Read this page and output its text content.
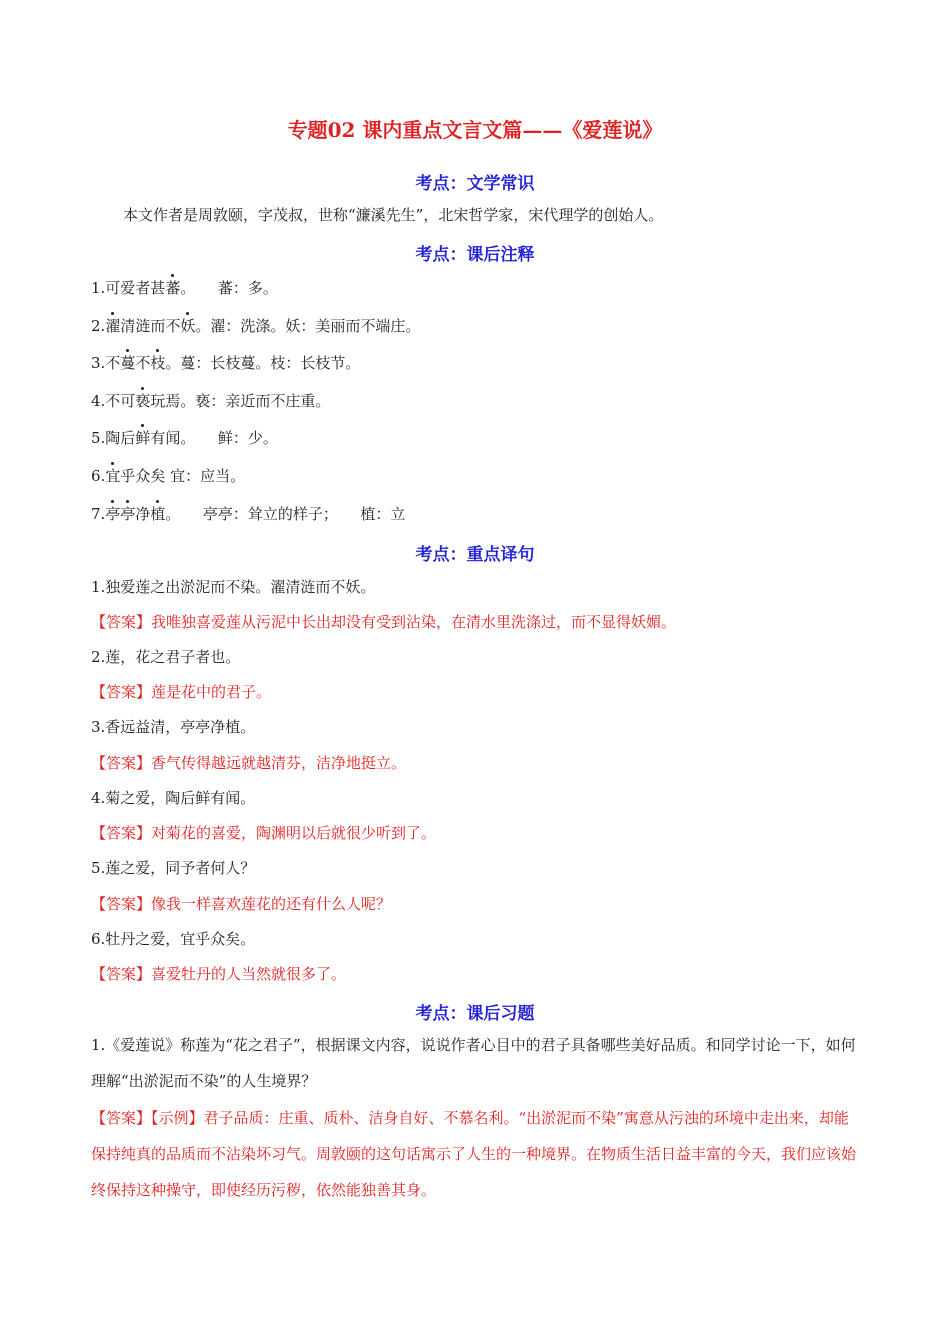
专题02 课内重点文言文篇——《爱莲说》
考点：文学常识
本文作者是周敦颐，字茂叔，世称“濂溪先生”，北宋哲学家，宋代理学的创始人。
考点：课后注释
1.可爱者甚蕃。　　蕃：多。
2.濯清涟而不妖。濯：洗涤。妖：美丽而不端庄。
3.不蔓不枝。蔓：长枝蔓。枝：长枝节。
4.不可亵玩焉。亵：亲近而不庄重。
5.陶后鲜有闻。　　鲜：少。
6.宜乎众矣 宜：应当。
7.亭亭净植。　　亭亭：耸立的样子；　　植：立
考点：重点译句
1.独爱莲之出淤泥而不染。濯清涟而不妖。
【答案】我唯独喜爱莲从污泥中长出却没有受到沾染，在清水里洗涤过，而不显得妖媚。
2.莲，花之君子者也。
【答案】莲是花中的君子。
3.香远益清，亭亭净植。
【答案】香气传得越远就越清芬，洁净地挺立。
4.菊之爱，陶后鲜有闻。
【答案】对菊花的喜爱，陶渊明以后就很少听到了。
5.莲之爱，同予者何人？
【答案】像我一样喜欢莲花的还有什么人呢？
6.牡丹之爱，宜乎众矣。
【答案】喜爱牡丹的人当然就很多了。
考点：课后习题
1.《爱莲说》称莲为“花之君子”，根据课文内容，说说作者心目中的君子具备哪些美好品质。和同学讨论一下，如何理解“出淤泥而不染”的人生境界？
【答案】【示例】君子品质：庄重、质朴、洁身自好、不慕名利。“出淤泥而不染”寓意从污浊的环境中走出来，却能保持纯真的品质而不沾染坏习气。周敦颐的这句话寓示了人生的一种境界。在物质生活日益丰富的今天，我们应该始终保持这种操守，即使经历污秽，依然能独善其身。
